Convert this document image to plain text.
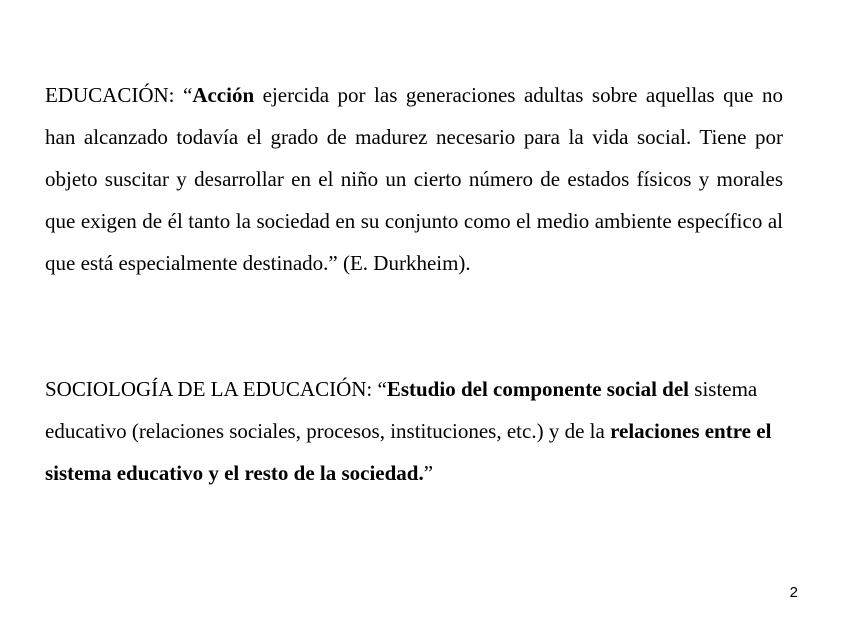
EDUCACIÓN: “Acción ejercida por las generaciones adultas sobre aquellas que no han alcanzado todavía el grado de madurez necesario para la vida social. Tiene por objeto suscitar y desarrollar en el niño un cierto número de estados físicos y morales que exigen de él tanto la sociedad en su conjunto como el medio ambiente específico al que está especialmente destinado.” (E. Durkheim).

SOCIOLOGÍA DE LA EDUCACIÓN: “Estudio del componente social del sistema educativo (relaciones sociales, procesos, instituciones, etc.) y de la relaciones entre el sistema educativo y el resto de la sociedad.”

2
